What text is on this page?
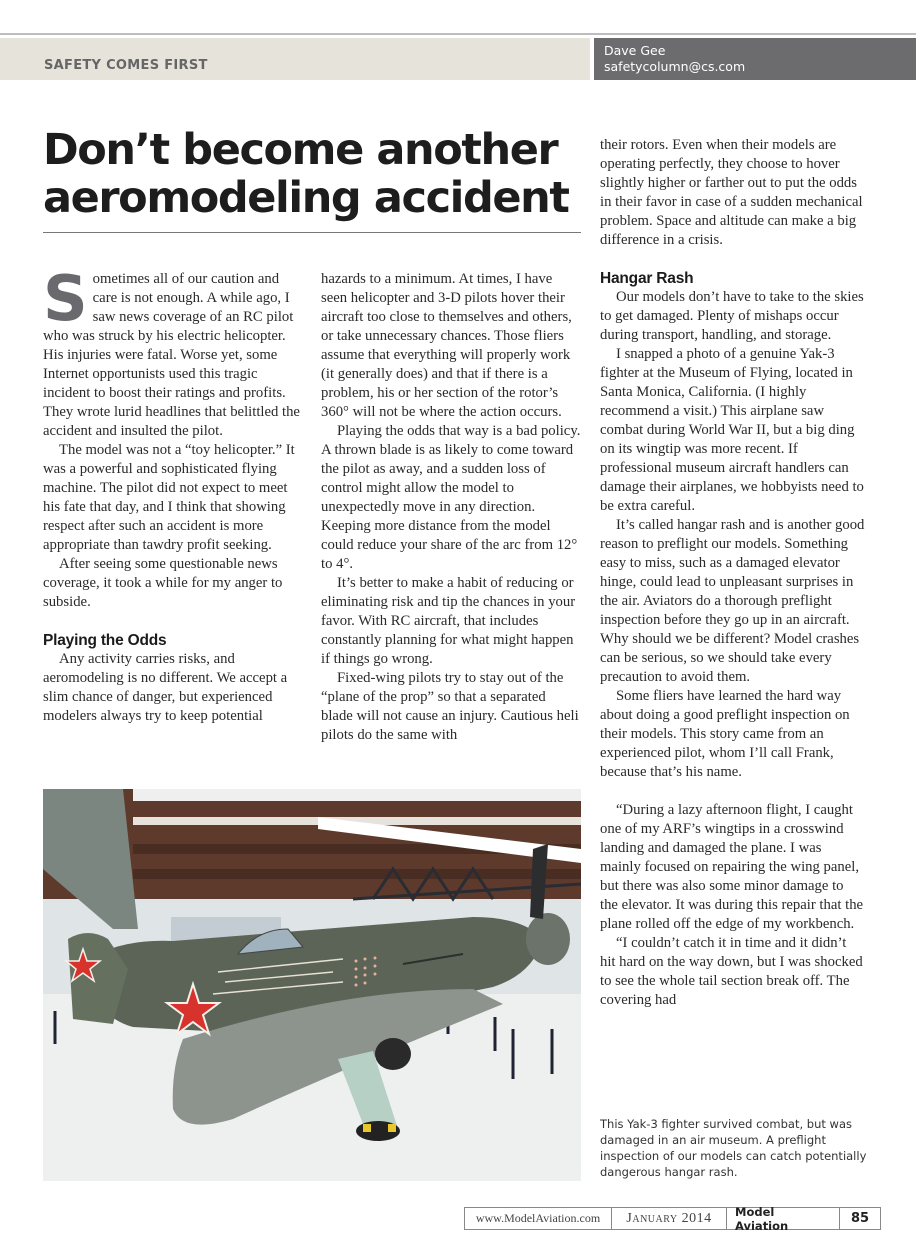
SAFETY COMES FIRST
Dave Gee
safetycolumn@cs.com
Don’t become another
aeromodeling accident

Sometimes all of our caution and care is not enough. A while ago, I saw news coverage of an RC pilot who was struck by his electric helicopter. His injuries were fatal. Worse yet, some Internet opportunists used this tragic incident to boost their ratings and profits. They wrote lurid headlines that belittled the accident and insulted the pilot.

The model was not a “toy helicopter.” It was a powerful and sophisticated flying machine. The pilot did not expect to meet his fate that day, and I think that showing respect after such an accident is more appropriate than tawdry profit seeking.

After seeing some questionable news coverage, it took a while for my anger to subside.

Playing the Odds

Any activity carries risks, and aeromodeling is no different. We accept a slim chance of danger, but experienced modelers always try to keep potential

hazards to a minimum. At times, I have seen helicopter and 3-D pilots hover their aircraft too close to themselves and others, or take unnecessary chances. Those fliers assume that everything will properly work (it generally does) and that if there is a problem, his or her section of the rotor’s 360° will not be where the action occurs.

Playing the odds that way is a bad policy. A thrown blade is as likely to come toward the pilot as away, and a sudden loss of control might allow the model to unexpectedly move in any direction. Keeping more distance from the model could reduce your share of the arc from 12° to 4°.

It’s better to make a habit of reducing or eliminating risk and tip the chances in your favor. With RC aircraft, that includes constantly planning for what might happen if things go wrong.

Fixed-wing pilots try to stay out of the “plane of the prop” so that a separated blade will not cause an injury. Cautious heli pilots do the same with

their rotors. Even when their models are operating perfectly, they choose to hover slightly higher or farther out to put the odds in their favor in case of a sudden mechanical problem. Space and altitude can make a big difference in a crisis.

Hangar Rash

Our models don’t have to take to the skies to get damaged. Plenty of mishaps occur during transport, handling, and storage.

I snapped a photo of a genuine Yak-3 fighter at the Museum of Flying, located in Santa Monica, California. (I highly recommend a visit.) This airplane saw combat during World War II, but a big ding on its wingtip was more recent. If professional museum aircraft handlers can damage their airplanes, we hobbyists need to be extra careful.

It’s called hangar rash and is another good reason to preflight our models. Something easy to miss, such as a damaged elevator hinge, could lead to unpleasant surprises in the air. Aviators do a thorough preflight inspection before they go up in an aircraft. Why should we be different? Model crashes can be serious, so we should take every precaution to avoid them.

Some fliers have learned the hard way about doing a good preflight inspection on their models. This story came from an experienced pilot, whom I’ll call Frank, because that’s his name.

“During a lazy afternoon flight, I caught one of my ARF’s wingtips in a crosswind landing and damaged the plane. I was mainly focused on repairing the wing panel, but there was also some minor damage to the elevator. It was during this repair that the plane rolled off the edge of my workbench.

“I couldn’t catch it in time and it didn’t hit hard on the way down, but I was shocked to see the whole tail section break off. The covering had

This Yak-3 fighter survived combat, but was damaged in an air museum. A preflight inspection of our models can catch potentially dangerous hangar rash.
www.ModelAviation.com	January 2014	Model Aviation	85
